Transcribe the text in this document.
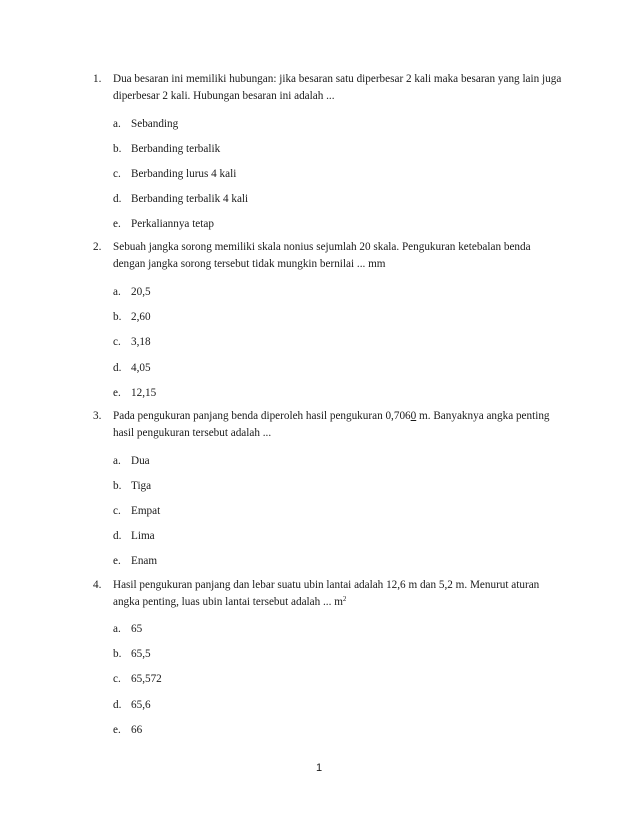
1.	Dua besaran ini memiliki hubungan: jika besaran satu diperbesar 2 kali maka besaran yang lain juga diperbesar 2 kali. Hubungan besaran ini adalah ...
a. Sebanding
b. Berbanding terbalik
c. Berbanding lurus 4 kali
d. Berbanding terbalik 4 kali
e. Perkaliannya tetap
2.	Sebuah jangka sorong memiliki skala nonius sejumlah 20 skala. Pengukuran ketebalan benda dengan jangka sorong tersebut tidak mungkin bernilai ... mm
a. 20,5
b. 2,60
c. 3,18
d. 4,05
e. 12,15
3.	Pada pengukuran panjang benda diperoleh hasil pengukuran 0,7060 m. Banyaknya angka penting hasil pengukuran tersebut adalah ...
a. Dua
b. Tiga
c. Empat
d. Lima
e. Enam
4.	Hasil pengukuran panjang dan lebar suatu ubin lantai adalah 12,6 m dan 5,2 m. Menurut aturan angka penting, luas ubin lantai tersebut adalah ... $m^2$
a. 65
b. 65,5
c. 65,572
d. 65,6
e. 66
1
